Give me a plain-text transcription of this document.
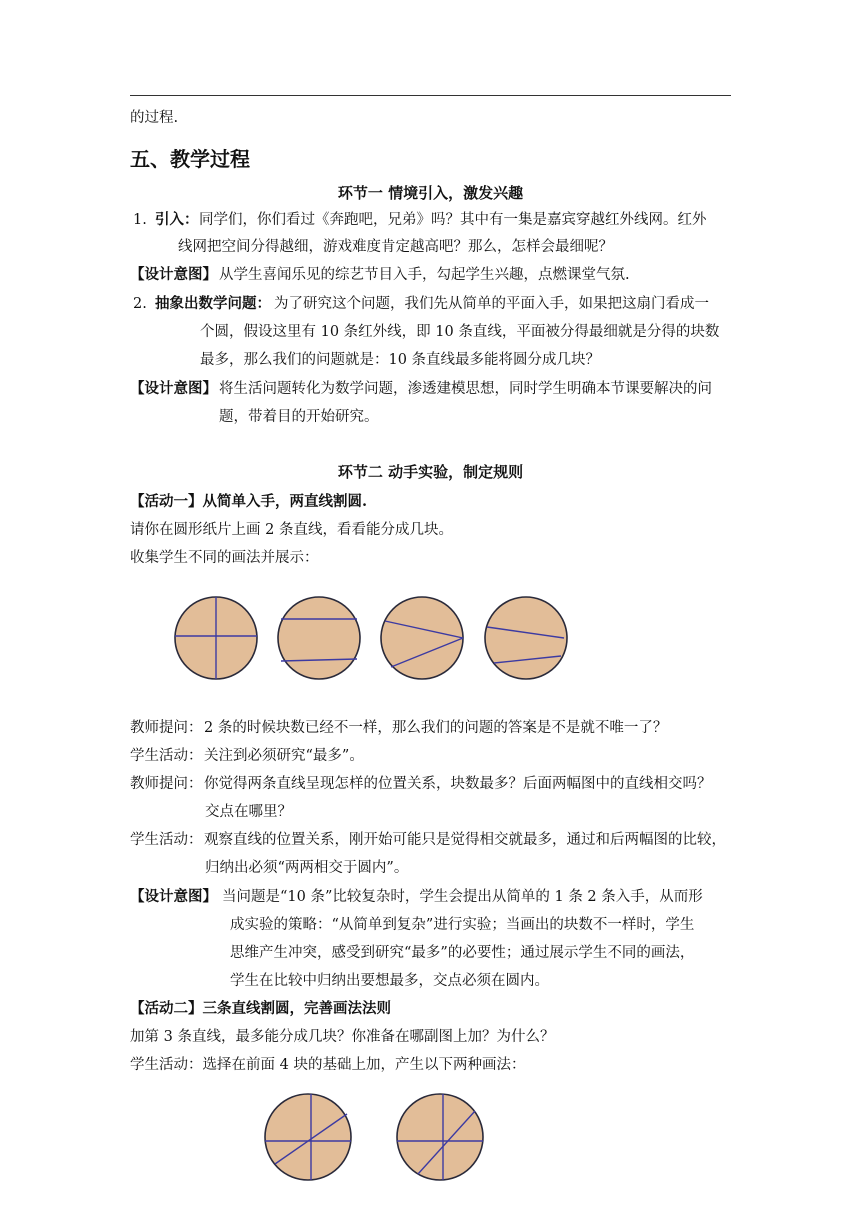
的过程.
五、教学过程
环节一 情境引入，激发兴趣
1. 引入： 同学们，你们看过《奔跑吧，兄弟》吗？其中有一集是嘉宾穿越红外线网。红外
线网把空间分得越细，游戏难度肯定越高吧？那么，怎样会最细呢？
【设计意图】 从学生喜闻乐见的综艺节目入手，勾起学生兴趣，点燃课堂气氛.
2. 抽象出数学问题： 为了研究这个问题，我们先从简单的平面入手，如果把这扇门看成一
个圆，假设这里有 10 条红外线，即 10 条直线，平面被分得最细就是分得的块数
最多，那么我们的问题就是：10 条直线最多能将圆分成几块？
【设计意图】 将生活问题转化为数学问题，渗透建模思想，同时学生明确本节课要解决的问
题，带着目的开始研究。
环节二 动手实验，制定规则
【活动一】从简单入手，两直线割圆.
请你在圆形纸片上画 2 条直线，看看能分成几块。
收集学生不同的画法并展示：
教师提问： 2 条的时候块数已经不一样，那么我们的问题的答案是不是就不唯一了？
学生活动： 关注到必须研究“最多”。
教师提问： 你觉得两条直线呈现怎样的位置关系，块数最多？后面两幅图中的直线相交吗？
交点在哪里？
学生活动： 观察直线的位置关系，刚开始可能只是觉得相交就最多，通过和后两幅图的比较，
归纳出必须“两两相交于圆内”。
【设计意图】 当问题是“10 条”比较复杂时，学生会提出从简单的 1 条 2 条入手，从而形
成实验的策略：“从简单到复杂”进行实验；当画出的块数不一样时，学生
思维产生冲突，感受到研究“最多”的必要性；通过展示学生不同的画法，
学生在比较中归纳出要想最多，交点必须在圆内。
【活动二】三条直线割圆，完善画法法则
加第 3 条直线，最多能分成几块？你准备在哪副图上加？为什么？
学生活动：选择在前面 4 块的基础上加，产生以下两种画法：
